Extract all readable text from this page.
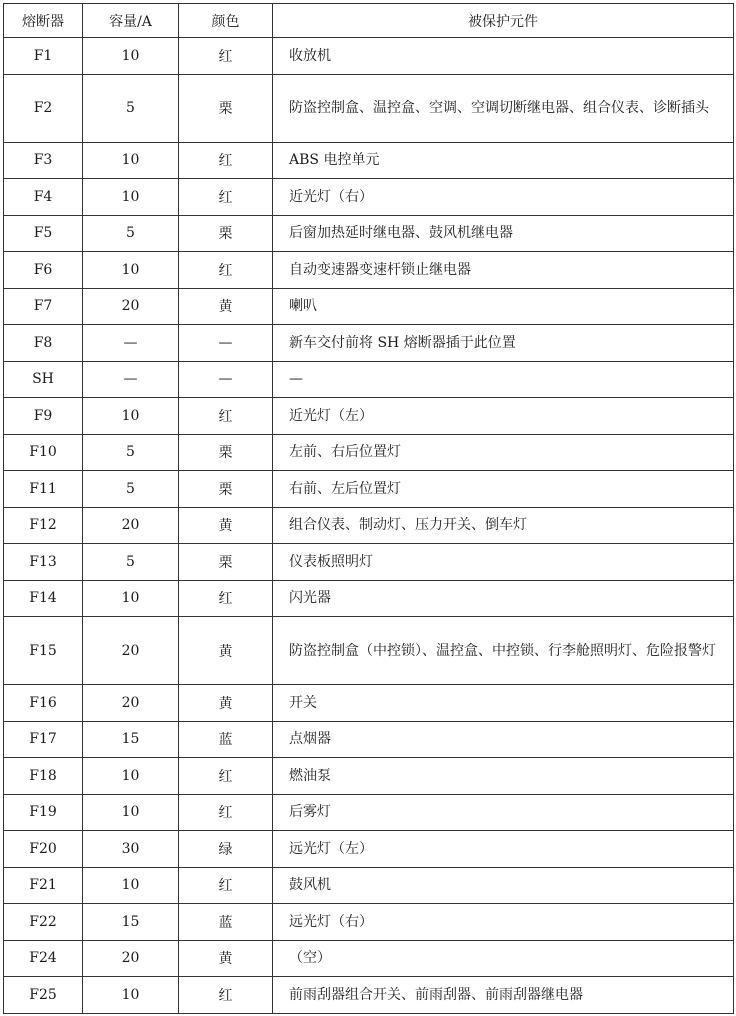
熔断器	容量/A	颜色	被保护元件
F1	10	红	收放机
F2	5	栗	防盗控制盒、温控盒、空调、空调切断继电器、组合仪表、诊断插头
F3	10	红	ABS 电控单元
F4	10	红	近光灯（右）
F5	5	栗	后窗加热延时继电器、鼓风机继电器
F6	10	红	自动变速器变速杆锁止继电器
F7	20	黄	喇叭
F8	—	—	新车交付前将 SH 熔断器插于此位置
SH	—	—	—
F9	10	红	近光灯（左）
F10	5	栗	左前、右后位置灯
F11	5	栗	右前、左后位置灯
F12	20	黄	组合仪表、制动灯、压力开关、倒车灯
F13	5	栗	仪表板照明灯
F14	10	红	闪光器
F15	20	黄	防盗控制盒（中控锁）、温控盒、中控锁、行李舱照明灯、危险报警灯
F16	20	黄	开关
F17	15	蓝	点烟器
F18	10	红	燃油泵
F19	10	红	后雾灯
F20	30	绿	远光灯（左）
F21	10	红	鼓风机
F22	15	蓝	远光灯（右）
F24	20	黄	（空）
F25	10	红	前雨刮器组合开关、前雨刮器、前雨刮器继电器
